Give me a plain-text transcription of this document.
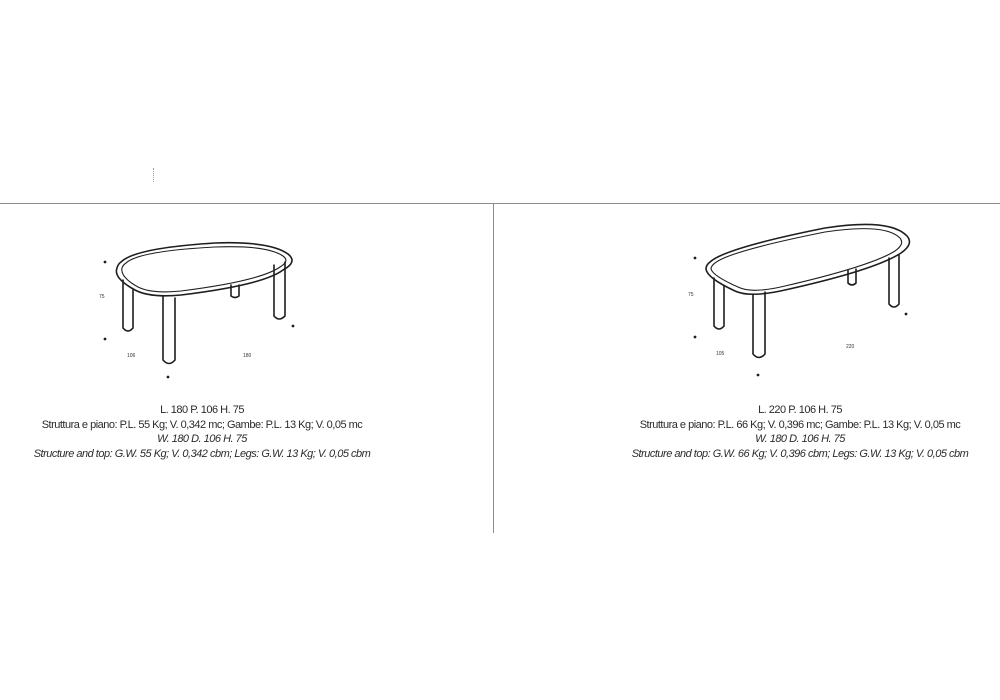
75
106	180
75
105
220
L. 180 P. 106 H. 75
Struttura e piano: P.L. 55 Kg; V. 0,342 mc; Gambe: P.L. 13 Kg; V. 0,05 mc
W. 180 D. 106 H. 75
Structure and top: G.W. 55 Kg; V. 0,342 cbm; Legs: G.W. 13 Kg; V. 0,05 cbm
L. 220 P. 106 H. 75
Struttura e piano: P.L. 66 Kg; V. 0,396 mc; Gambe: P.L. 13 Kg; V. 0,05 mc
W. 180 D. 106 H. 75
Structure and top: G.W. 66 Kg; V. 0,396 cbm; Legs: G.W. 13 Kg; V. 0,05 cbm
